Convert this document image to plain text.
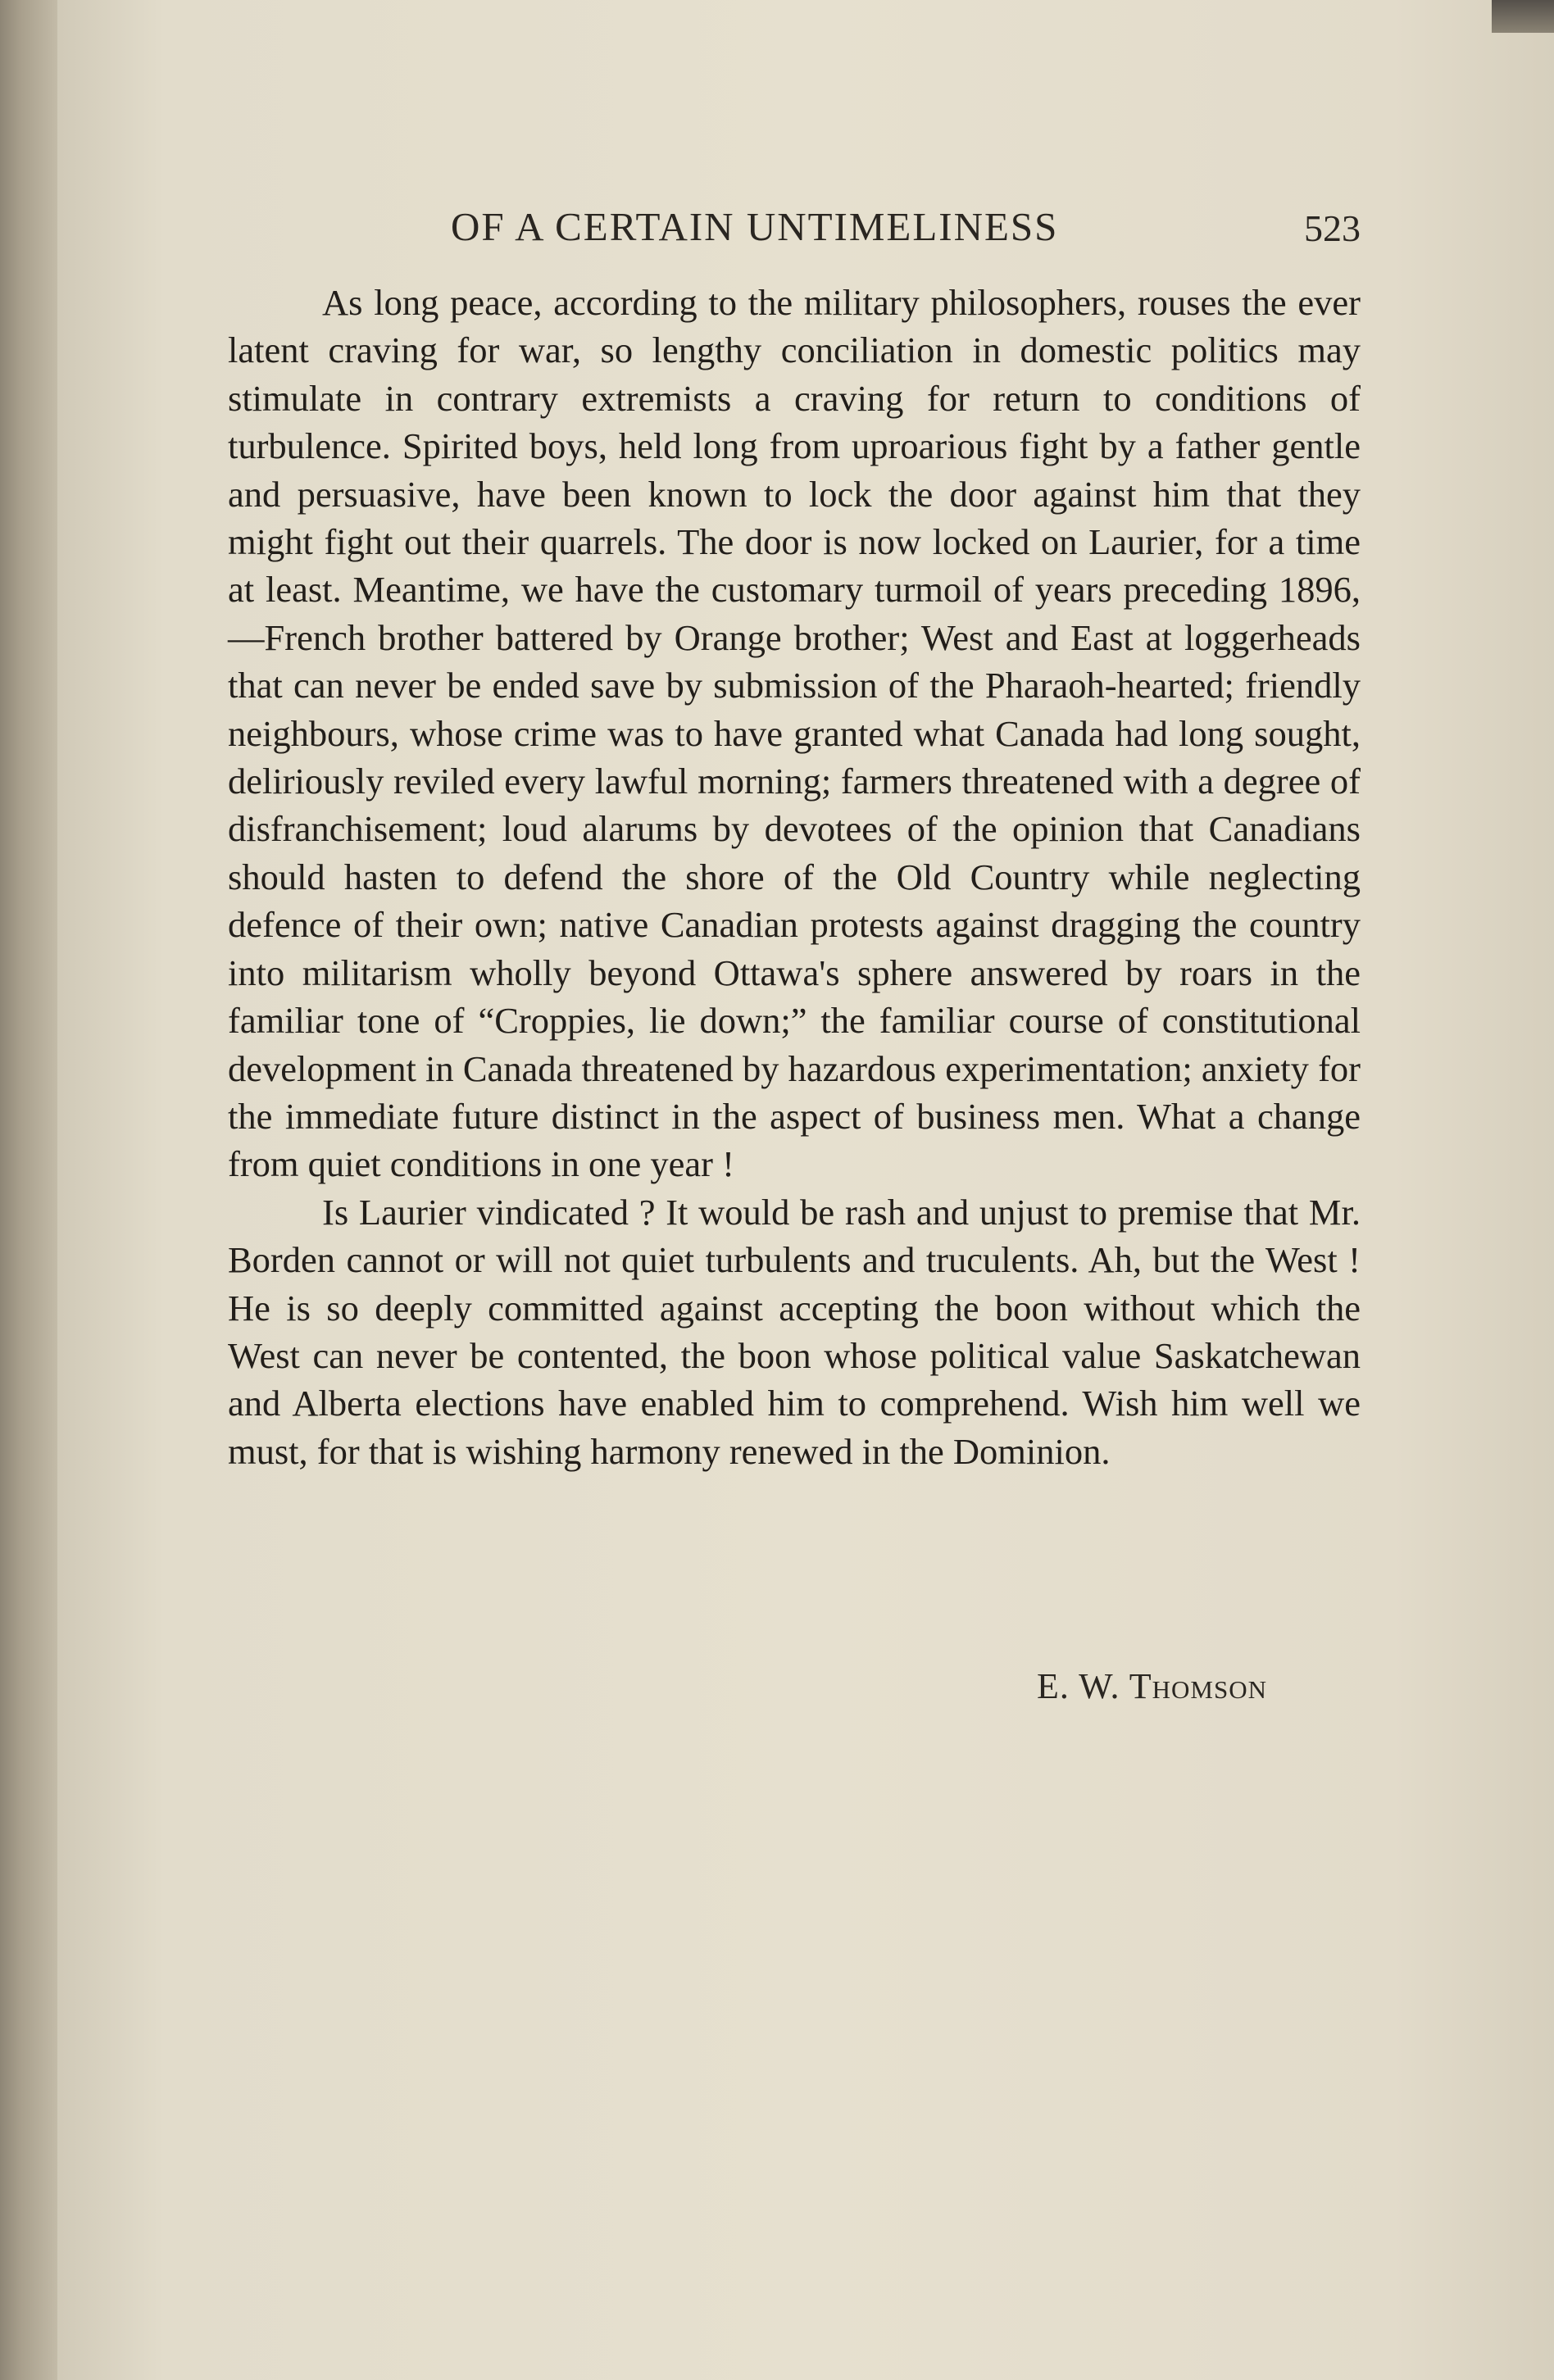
OF A CERTAIN UNTIMELINESS	523

As long peace, according to the military philosophers, rouses the ever latent craving for war, so lengthy conciliation in domestic politics may stimulate in contrary extremists a craving for return to conditions of turbulence. Spirited boys, held long from uproarious fight by a father gentle and persuasive, have been known to lock the door against him that they might fight out their quarrels. The door is now locked on Laurier, for a time at least. Meantime, we have the customary turmoil of years preceding 1896,—French brother battered by Orange brother; West and East at loggerheads that can never be ended save by submission of the Pharaoh-hearted; friendly neighbours, whose crime was to have granted what Canada had long sought, deliriously reviled every lawful morning; farmers threatened with a degree of disfranchisement; loud alarums by devotees of the opinion that Canadians should hasten to defend the shore of the Old Country while neglecting defence of their own; native Canadian protests against dragging the country into militarism wholly beyond Ottawa's sphere answered by roars in the familiar tone of “Croppies, lie down;” the familiar course of constitutional development in Canada threatened by hazardous experimentation; anxiety for the immediate future distinct in the aspect of business men. What a change from quiet conditions in one year !

Is Laurier vindicated ? It would be rash and unjust to premise that Mr. Borden cannot or will not quiet turbulents and truculents. Ah, but the West ! He is so deeply committed against accepting the boon without which the West can never be contented, the boon whose political value Saskatchewan and Alberta elections have enabled him to comprehend. Wish him well we must, for that is wishing harmony renewed in the Dominion.

E. W. Thomson
